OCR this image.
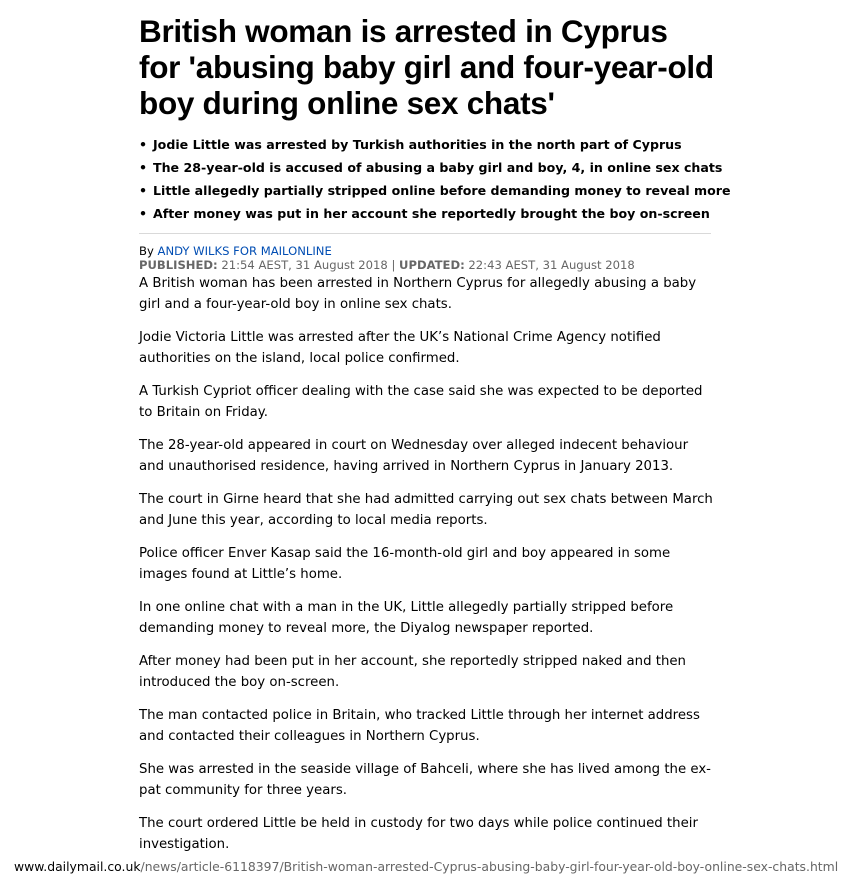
British woman is arrested in Cyprus for 'abusing baby girl and four-year-old boy during online sex chats'
• Jodie Little was arrested by Turkish authorities in the north part of Cyprus
• The 28-year-old is accused of abusing a baby girl and boy, 4, in online sex chats
• Little allegedly partially stripped online before demanding money to reveal more
• After money was put in her account she reportedly brought the boy on-screen
By ANDY WILKS FOR MAILONLINE
PUBLISHED: 21:54 AEST, 31 August 2018 | UPDATED: 22:43 AEST, 31 August 2018

A British woman has been arrested in Northern Cyprus for allegedly abusing a baby girl and a four-year-old boy in online sex chats.

Jodie Victoria Little was arrested after the UK’s National Crime Agency notified authorities on the island, local police confirmed.

A Turkish Cypriot officer dealing with the case said she was expected to be deported to Britain on Friday.

The 28-year-old appeared in court on Wednesday over alleged indecent behaviour and unauthorised residence, having arrived in Northern Cyprus in January 2013.

The court in Girne heard that she had admitted carrying out sex chats between March and June this year, according to local media reports.

Police officer Enver Kasap said the 16-month-old girl and boy appeared in some images found at Little’s home.

In one online chat with a man in the UK, Little allegedly partially stripped before demanding money to reveal more, the Diyalog newspaper reported.

After money had been put in her account, she reportedly stripped naked and then introduced the boy on-screen.

The man contacted police in Britain, who tracked Little through her internet address and contacted their colleagues in Northern Cyprus.

She was arrested in the seaside village of Bahceli, where she has lived among the ex-pat community for three years.

The court ordered Little be held in custody for two days while police continued their investigation.

www.dailymail.co.uk/news/article-6118397/British-woman-arrested-Cyprus-abusing-baby-girl-four-year-old-boy-online-sex-chats.html
